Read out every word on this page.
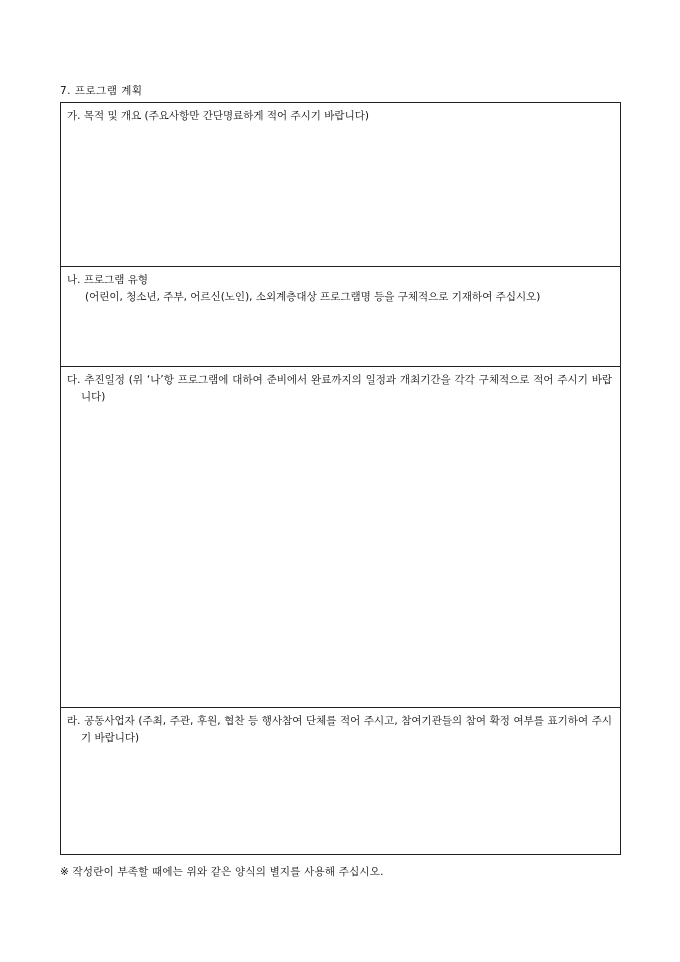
7. 프로그램 계획
가. 목적 및 개요 (주요사항만 간단명료하게 적어 주시기 바랍니다)
나. 프로그램 유형
(어린이, 청소년, 주부, 어르신(노인), 소외계층대상 프로그램명 등을 구체적으로 기재하여 주십시오)
다. 추진일정 (위 ‘나’항 프로그램에 대하여 준비에서 완료까지의 일정과 개최기간을 각각 구체적으로 적어 주시기 바랍니다)
라. 공동사업자 (주최, 주관, 후원, 협찬 등 행사참여 단체를 적어 주시고, 참여기관들의 참여 확정 여부를 표기하여 주시기 바랍니다)
※ 작성란이 부족할 때에는 위와 같은 양식의 별지를 사용해 주십시오.
